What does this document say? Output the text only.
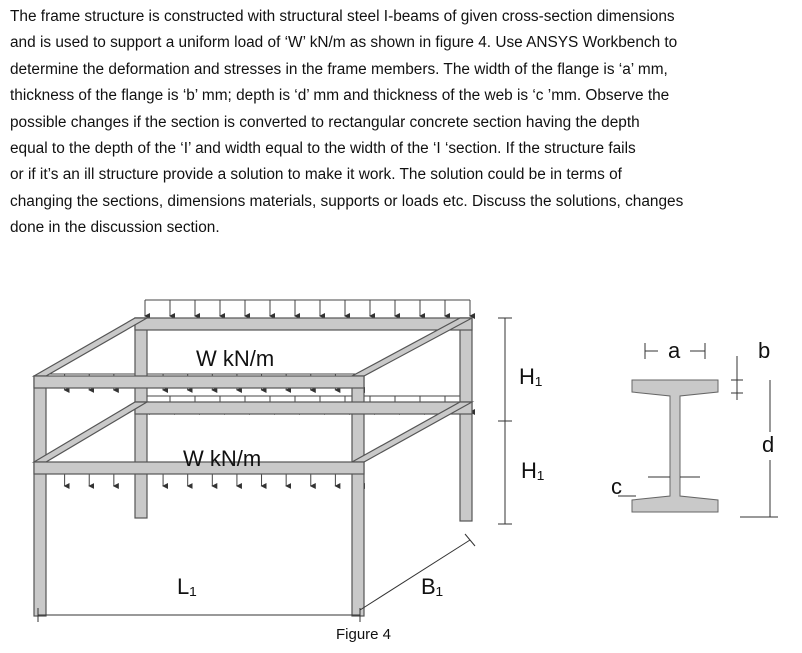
The frame structure is constructed with structural steel I-beams of given cross-section dimensions

and is used to support a uniform load of ‘W’ kN/m as shown in figure 4. Use ANSYS Workbench to

determine the deformation and stresses in the frame members. The width of the flange is ‘a’ mm,

thickness of the flange is ‘b’ mm; depth is ‘d’ mm and thickness of the web is ‘c ’mm. Observe the

possible changes if the section is converted to rectangular concrete section having the depth

equal to the depth of the ‘I’ and width equal to the width of the ‘I ‘section. If the structure fails

or if it’s an ill structure provide a solution to make it work. The solution could be in terms of

changing the sections, dimensions materials, supports or loads etc. Discuss the solutions, changes

done in the discussion section.

W kN/m
W kN/m
H₁
H₁
L₁	B₁
Figure 4
a	b
d
c
